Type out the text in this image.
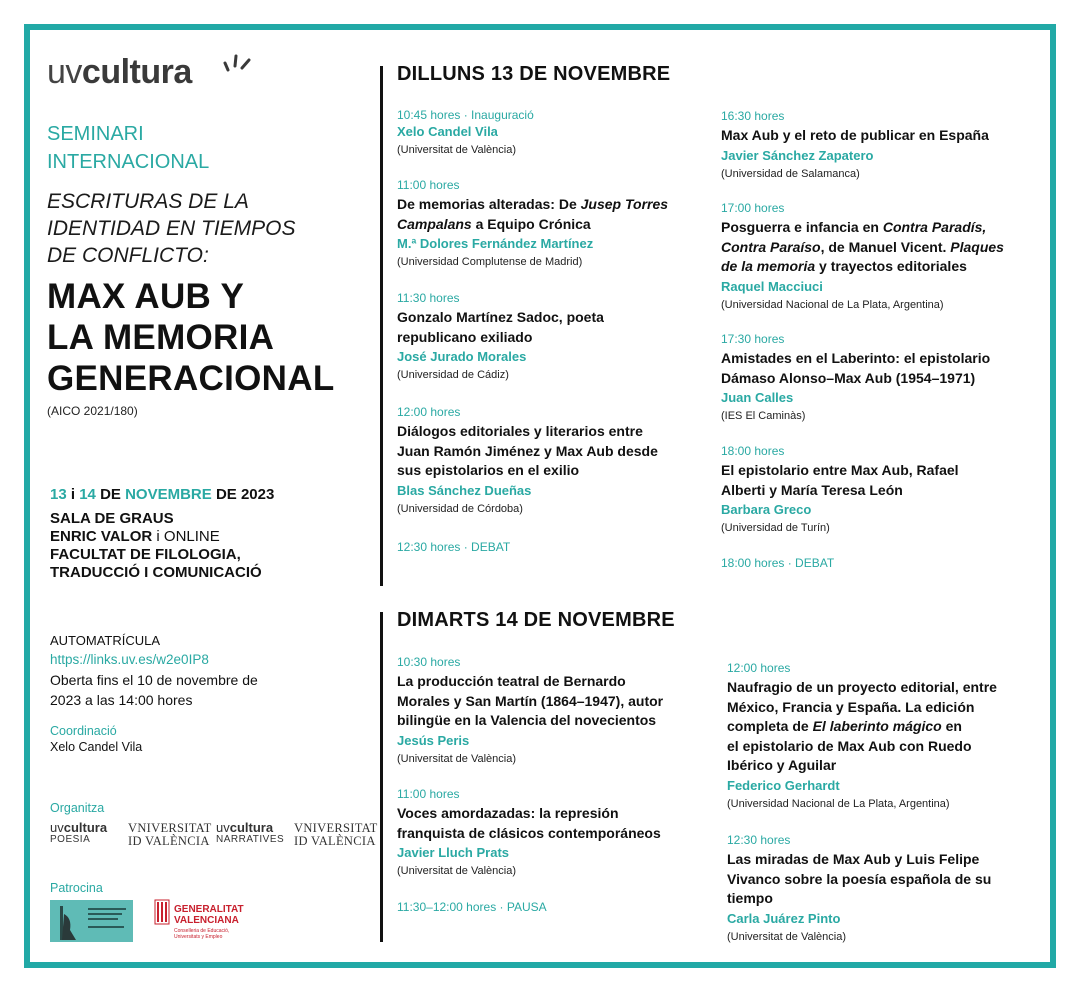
uvcultura
SEMINARI
INTERNACIONAL
ESCRITURAS DE LA
IDENTIDAD EN TIEMPOS
DE CONFLICTO:
MAX AUB Y
LA MEMORIA
GENERACIONAL
(AICO 2021/180)
13 i 14 DE NOVEMBRE DE 2023
SALA DE GRAUS
ENRIC VALOR i ONLINE
FACULTAT DE FILOLOGIA,
TRADUCCIÓ I COMUNICACIÓ
AUTOMATRÍCULA
https://links.uv.es/w2e0IP8
Oberta fins el 10 de novembre de
2023 a las 14:00 hores
Coordinació
Xelo Candel Vila
Organitza
uvcultura
POESIA
VNIVERSITAT
ID VALÈNCIA
uvcultura
NARRATIVES
VNIVERSITAT
ID VALÈNCIA
Patrocina
GENERALITAT
VALENCIANA
Conselleria de Educació,
Universitats y Empleo
DILLUNS 13 DE NOVEMBRE
10:45 hores · Inauguració
Xelo Candel Vila
(Universitat de València)
11:00 hores
De memorias alteradas: De Jusep Torres
Campalans a Equipo Crónica
M.ª Dolores Fernández Martínez
(Universidad Complutense de Madrid)
11:30 hores
Gonzalo Martínez Sadoc, poeta
republicano exiliado
José Jurado Morales
(Universidad de Cádiz)
12:00 hores
Diálogos editoriales y literarios entre
Juan Ramón Jiménez y Max Aub desde
sus epistolarios en el exilio
Blas Sánchez Dueñas
(Universidad de Córdoba)
12:30 hores · DEBAT
16:30 hores
Max Aub y el reto de publicar en España
Javier Sánchez Zapatero
(Universidad de Salamanca)
17:00 hores
Posguerra e infancia en Contra Paradís,
Contra Paraíso, de Manuel Vicent. Plaques
de la memoria y trayectos editoriales
Raquel Macciuci
(Universidad Nacional de La Plata, Argentina)
17:30 hores
Amistades en el Laberinto: el epistolario
Dámaso Alonso–Max Aub (1954–1971)
Juan Calles
(IES El Caminàs)
18:00 hores
El epistolario entre Max Aub, Rafael
Alberti y María Teresa León
Barbara Greco
(Universidad de Turín)
18:00 hores · DEBAT
DIMARTS 14 DE NOVEMBRE
10:30 hores
La producción teatral de Bernardo
Morales y San Martín (1864–1947), autor
bilingüe en la Valencia del novecientos
Jesús Peris
(Universitat de València)
11:00 hores
Voces amordazadas: la represión
franquista de clásicos contemporáneos
Javier Lluch Prats
(Universitat de València)
11:30–12:00 hores · PAUSA
12:00 hores
Naufragio de un proyecto editorial, entre
México, Francia y España. La edición
completa de El laberinto mágico en
el epistolario de Max Aub con Ruedo
Ibérico y Aguilar
Federico Gerhardt
(Universidad Nacional de La Plata, Argentina)
12:30 hores
Las miradas de Max Aub y Luis Felipe
Vivanco sobre la poesía española de su
tiempo
Carla Juárez Pinto
(Universitat de València)
